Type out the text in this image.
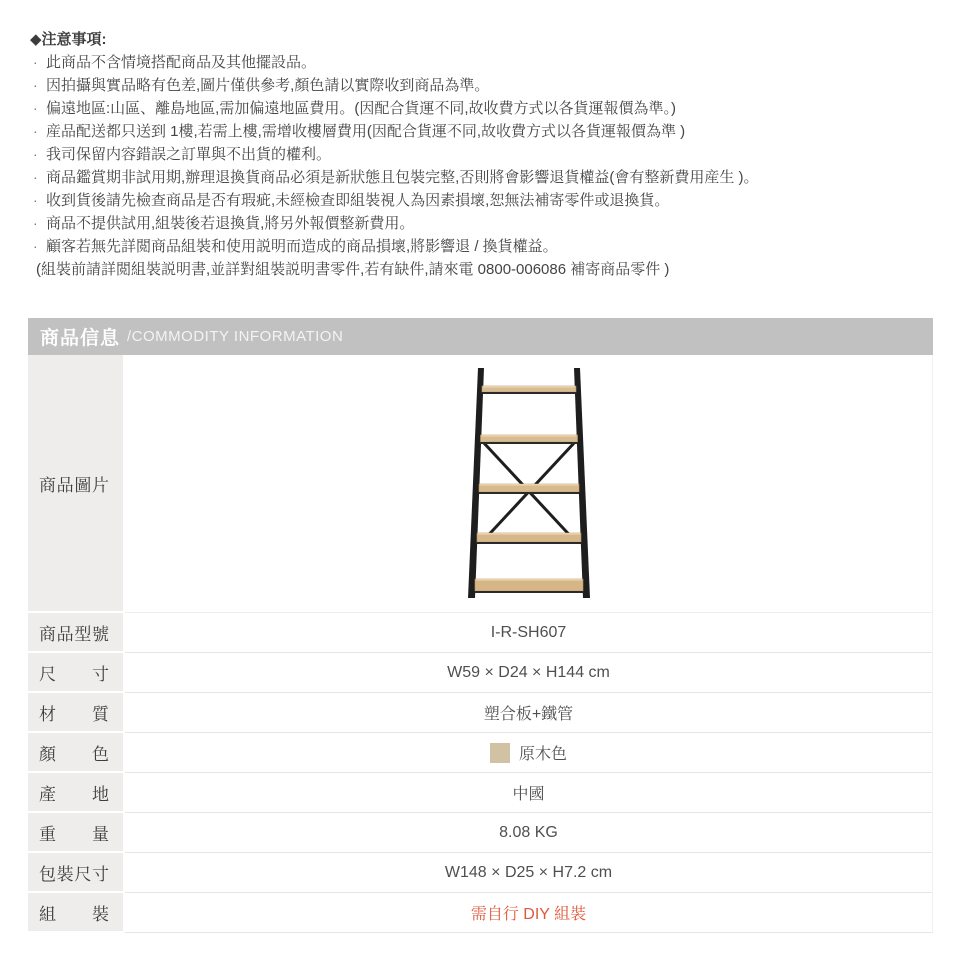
◆注意事項:
· 此商品不含情境搭配商品及其他擺設品。
· 因拍攝與實品略有色差,圖片僅供參考,顏色請以實際收到商品為準。
· 偏遠地區:山區、離島地區,需加偏遠地區費用。(因配合貨運不同,故收費方式以各貨運報價為準。)
· 産品配送都只送到 1樓,若需上樓,需增收樓層費用(因配合貨運不同,故收費方式以各貨運報價為準 )
· 我司保留内容錯誤之訂單與不出貨的權利。
· 商品鑑賞期非試用期,辦理退換貨商品必須是新狀態且包裝完整,否則將會影響退貨權益(會有整新費用産生 )。
· 收到貨後請先檢查商品是否有瑕疵,未經檢查即組裝視人為因素損壞,恕無法補寄零件或退換貨。
· 商品不提供試用,組裝後若退換貨,將另外報價整新費用。
· 顧客若無先詳閲商品組裝和使用説明而造成的商品損壞,將影響退 / 換貨權益。
(組裝前請詳閲組裝説明書,並詳對組裝説明書零件,若有缺件,請來電 0800-006086 補寄商品零件 )
商品信息 /COMMODITY INFORMATION
商品圖片
商品型號	I-R-SH607
尺寸	W59 × D24 × H144 cm
材質	塑合板+鐵管
顏色	原木色
產地	中國
重量	8.08 KG
包裝尺寸	W148 × D25 × H7.2 cm
組裝	需自行 DIY 組裝
